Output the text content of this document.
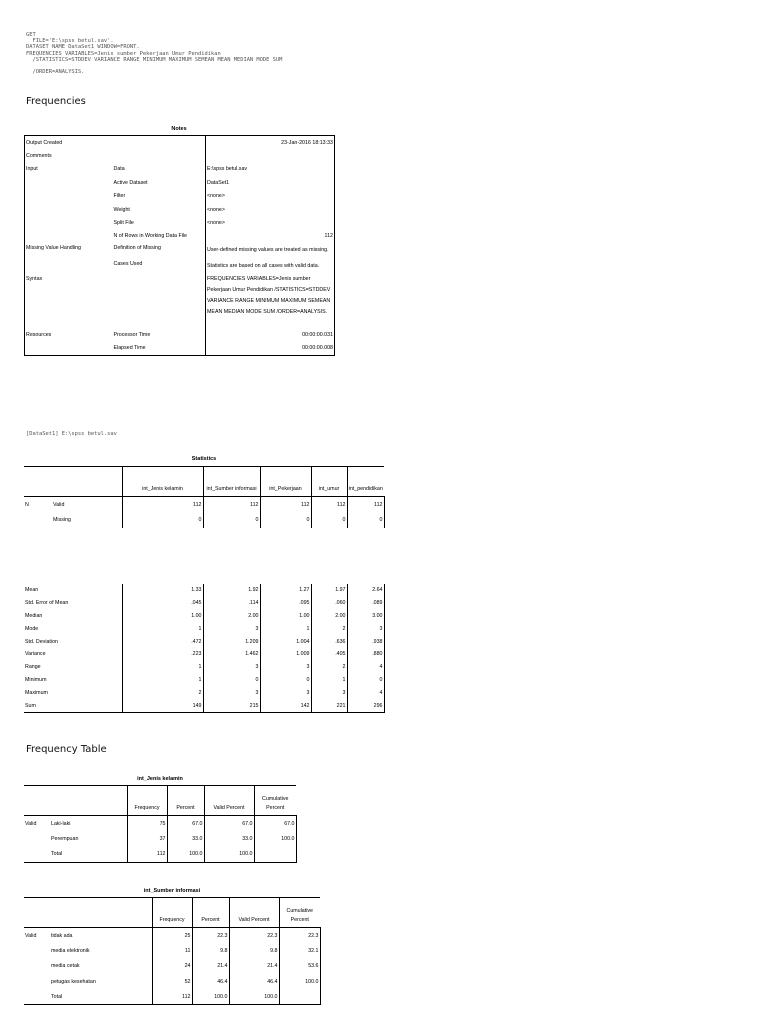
GET
FILE='E:\spss betul.sav'.
DATASET NAME DataSet1 WINDOW=FRONT.
FREQUENCIES VARIABLES=Jenis sumber Pekerjaan Umur Pendidikan
/STATISTICS=STDDEV VARIANCE RANGE MINIMUM MAXIMUM SEMEAN MEAN MEDIAN MODE SUM
/ORDER=ANALYSIS.
Frequencies
Notes
Output Created		23-Jan-2016 18:13:33
Comments		
Input	Data	E:\spss betul.sav
	Active Dataset	DataSet1
	Filter	<none>
	Weight	<none>
	Split File	<none>
	N of Rows in Working Data File	112
Missing Value Handling	Definition of Missing	User-defined missing values are treated as missing.
	Cases Used	Statistics are based on all cases with valid data.
Syntax		FREQUENCIES VARIABLES=Jenis sumber Pekerjaan Umur Pendidikan /STATISTICS=STDDEV VARIANCE RANGE MINIMUM MAXIMUM SEMEAN MEAN MEDIAN MODE SUM /ORDER=ANALYSIS.
Resources	Processor Time	00:00:00.031
	Elapsed Time	00:00:00.008
[DataSet1] E:\spss betul.sav
Statistics
		int_Jenis kelamin	int_Sumber informasi	int_Pekerjaan	int_umur	int_pendidikan
N	Valid	112	112	112	112	112
	Missing	0	0	0	0	0
Mean	1.33	1.92	1.27	1.97	2.64
Std. Error of Mean	.045	.114	.095	.060	.089
Median	1.00	2.00	1.00	2.00	3.00
Mode	1	3	1	2	3
Std. Deviation	.472	1.209	1.004	.636	.938
Variance	.223	1.462	1.009	.405	.880
Range	1	3	3	2	4
Minimum	1	0	0	1	0
Maximum	2	3	3	3	4
Sum	149	215	142	221	296
Frequency Table
int_Jenis kelamin
		Frequency	Percent	Valid Percent	Cumulative Percent
Valid	Laki-laki	75	67.0	67.0	67.0
	Perempuan	37	33.0	33.0	100.0
	Total	112	100.0	100.0	
int_Sumber informasi
		Frequency	Percent	Valid Percent	Cumulative Percent
Valid	tidak ada	25	22.3	22.3	22.3
	media elektronik	11	9.8	9.8	32.1
	media cetak	24	21.4	21.4	53.6
	petugas kesehatan	52	46.4	46.4	100.0
	Total	112	100.0	100.0	
